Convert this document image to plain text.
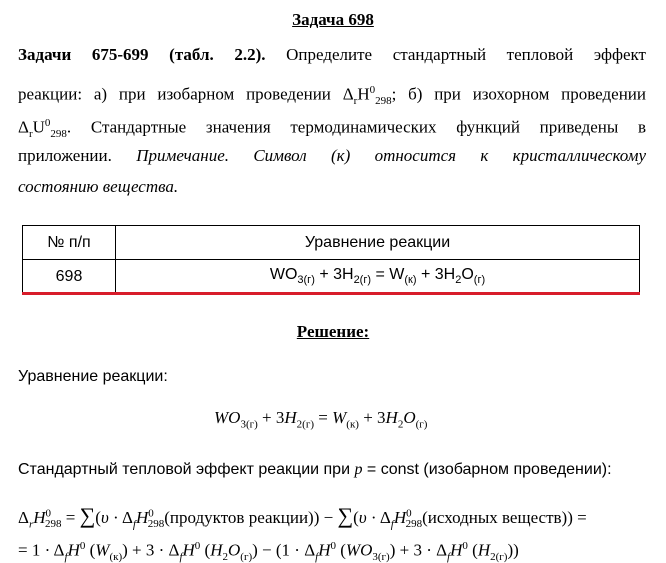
Задача 698
Задачи 675-699 (табл. 2.2). Определите стандартный тепловой эффект
реакции: а) при изобарном проведении $\Delta_rH^0_{298}$; б) при изохорном проведении
$\Delta_rU^0_{298}$. Стандартные значения термодинамических функций приведены в
приложении. Примечание. Символ (к) относится к кристаллическому
состоянию вещества.
№ п/п	Уравнение реакции
698	$WO_{3(г)} + 3H_{2(г)} = W_{(к)} + 3H_2O_{(г)}$
Решение:
Уравнение реакции:
$WO_{3(г)} + 3H_{2(г)} = W_{(к)} + 3H_2O_{(г)}$
Стандартный тепловой эффект реакции при p = const (изобарном проведении):
$\Delta_rH^0_{298} = \sum(\upsilon$ · $\Delta_fH^0_{298}(продуктов$ реакции)) − $\sum(\upsilon \cdot \Delta_fH^0_{298}(исходных$ веществ)) =
= $1 \cdot \Delta_fH^0$ $(W_{(к)}) + 3 \cdot \Delta_fH^0$ $(H_2O_{(г)}) - (1 \cdot \Delta_fH^0$ $(WO_{3(г)}) + 3 \cdot \Delta_fH^0$ $(H_{2(г)})$)
